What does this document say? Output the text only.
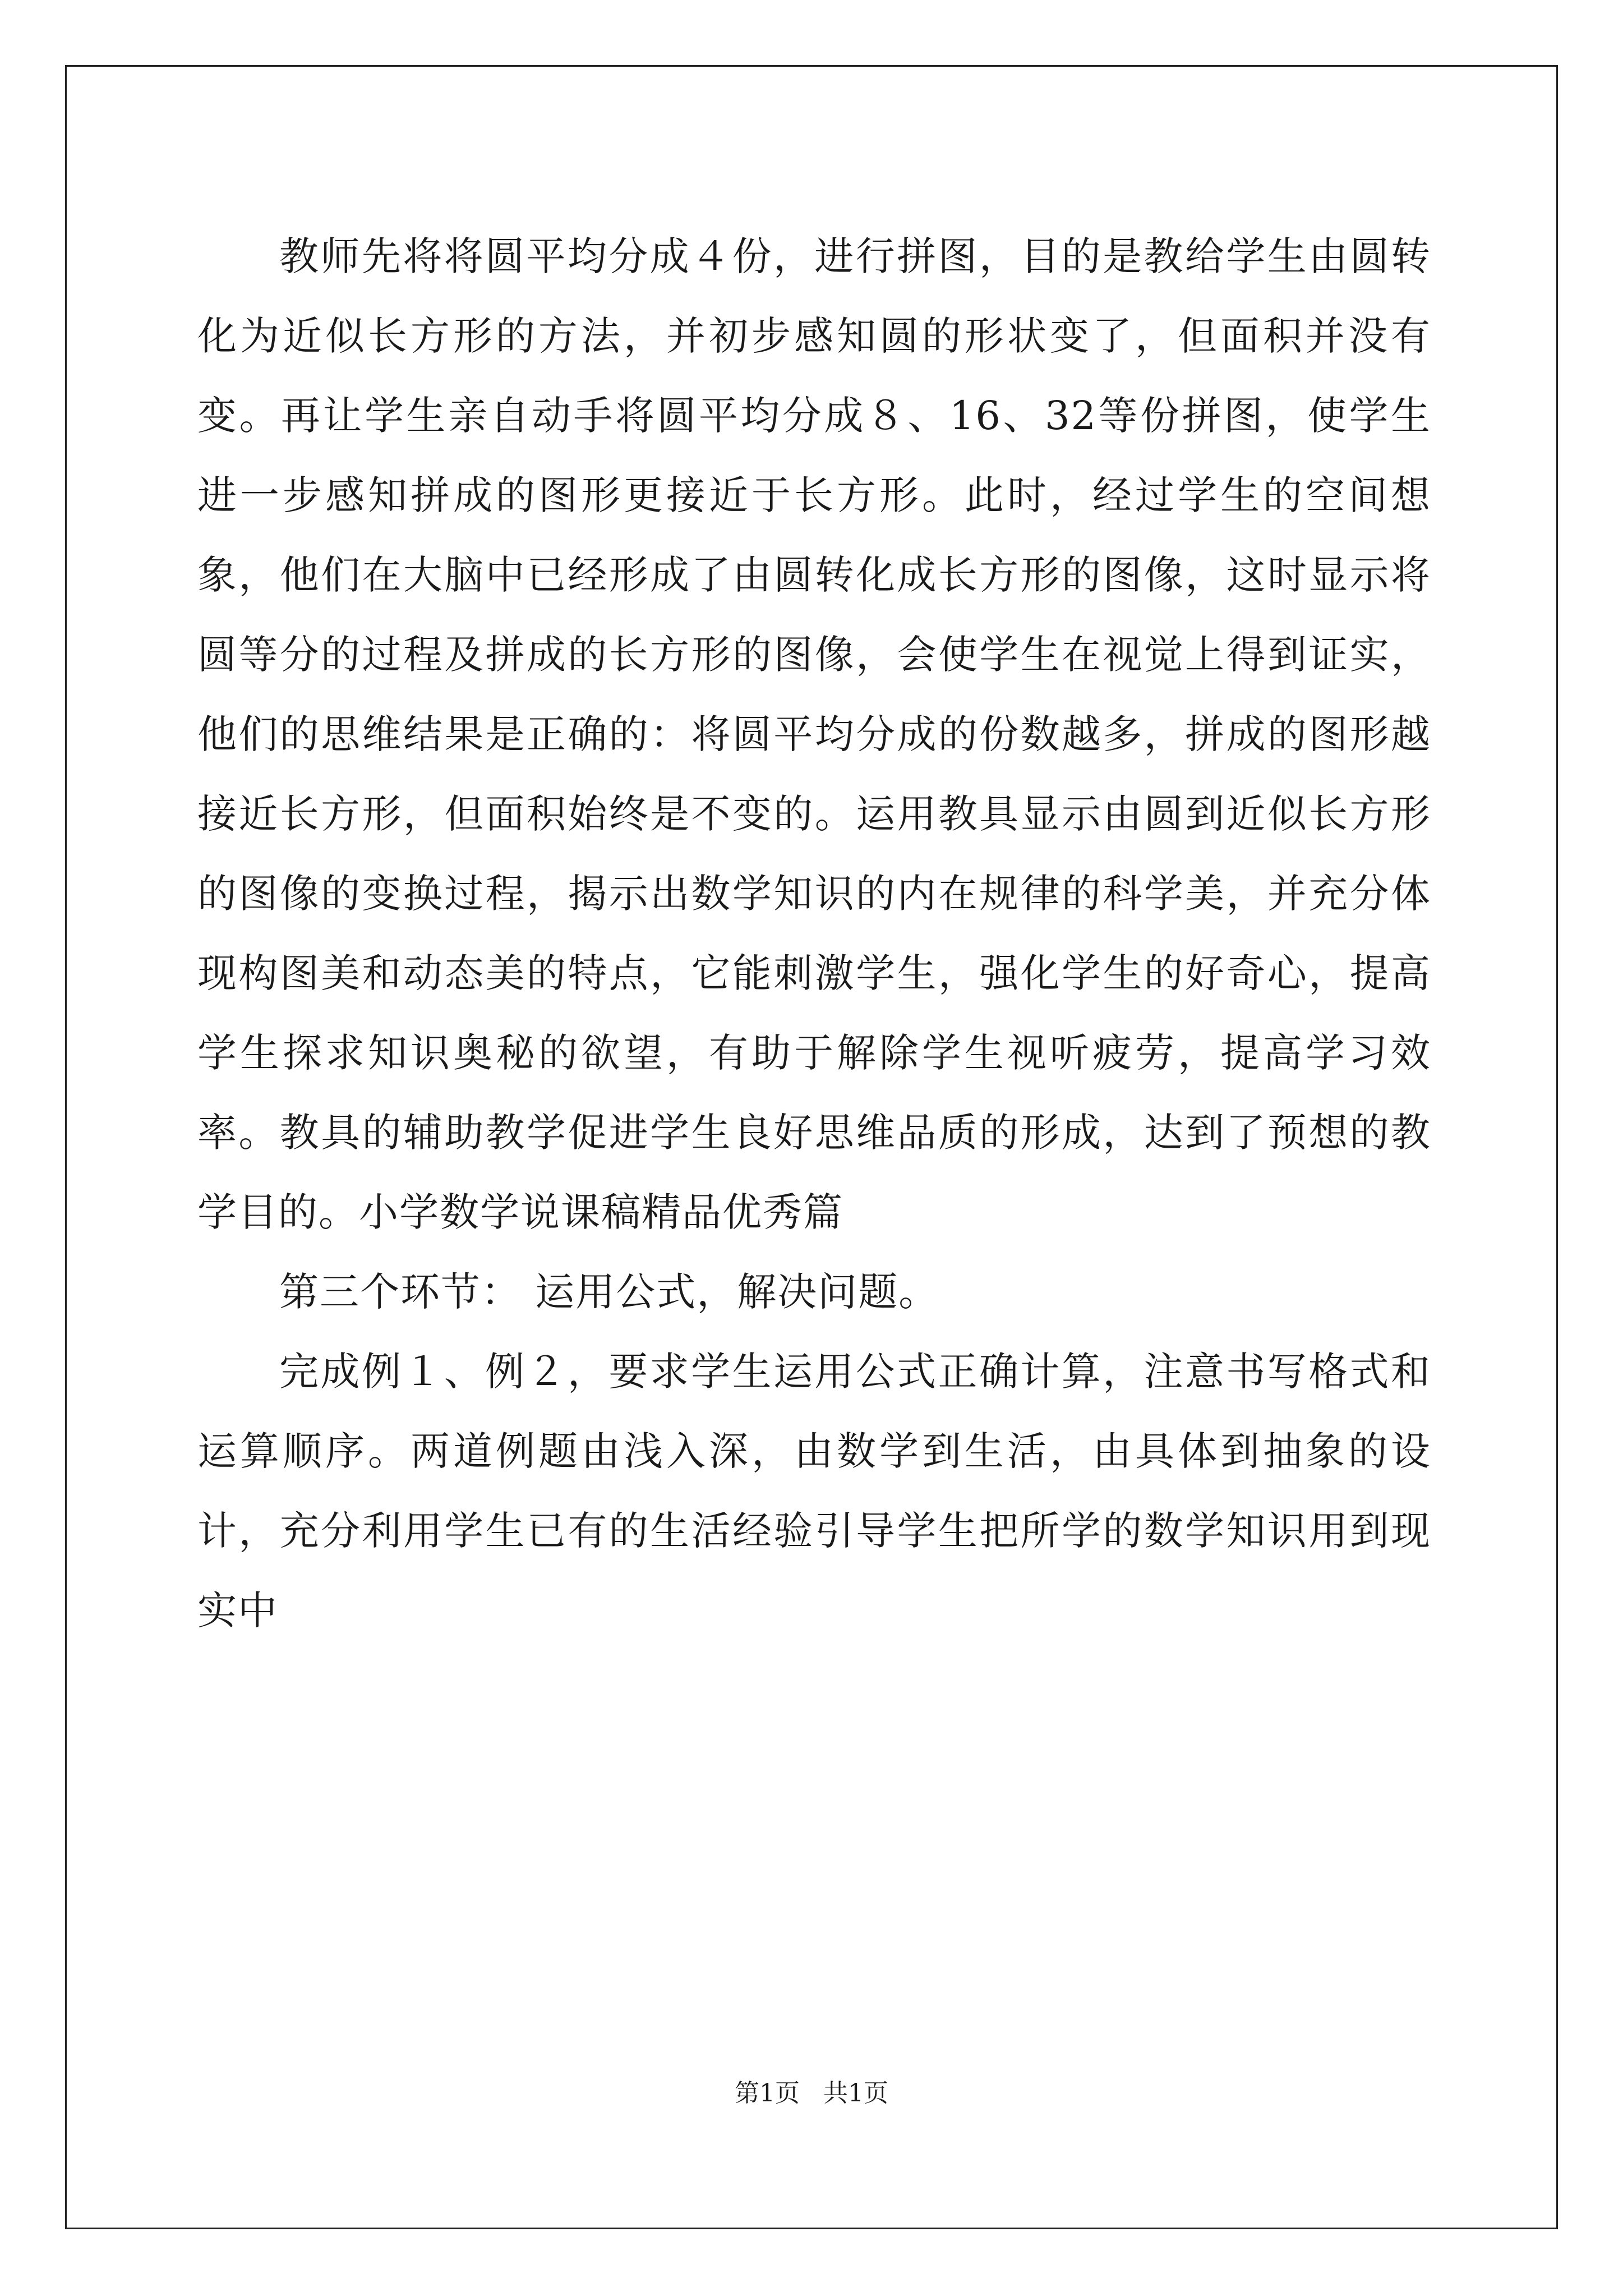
教师先将将圆平均分成４份，进行拼图，目的是教给学生由圆转化为近似长方形的方法，并初步感知圆的形状变了，但面积并没有变。再让学生亲自动手将圆平均分成８、16、32等份拼图，使学生进一步感知拼成的图形更接近于长方形。此时，经过学生的空间想象，他们在大脑中已经形成了由圆转化成长方形的图像，这时显示将圆等分的过程及拼成的长方形的图像，会使学生在视觉上得到证实，他们的思维结果是正确的：将圆平均分成的份数越多，拼成的图形越接近长方形，但面积始终是不变的。运用教具显示由圆到近似长方形的图像的变换过程，揭示出数学知识的内在规律的科学美，并充分体现构图美和动态美的特点，它能刺激学生，强化学生的好奇心，提高学生探求知识奥秘的欲望，有助于解除学生视听疲劳，提高学习效率。教具的辅助教学促进学生良好思维品质的形成，达到了预想的教学目的。小学数学说课稿精品优秀篇

第三个环节： 运用公式，解决问题。

完成例１、例２，要求学生运用公式正确计算，注意书写格式和运算顺序。两道例题由浅入深，由数学到生活，由具体到抽象的设计，充分利用学生已有的生活经验引导学生把所学的数学知识用到现实中

第1页 共1页
